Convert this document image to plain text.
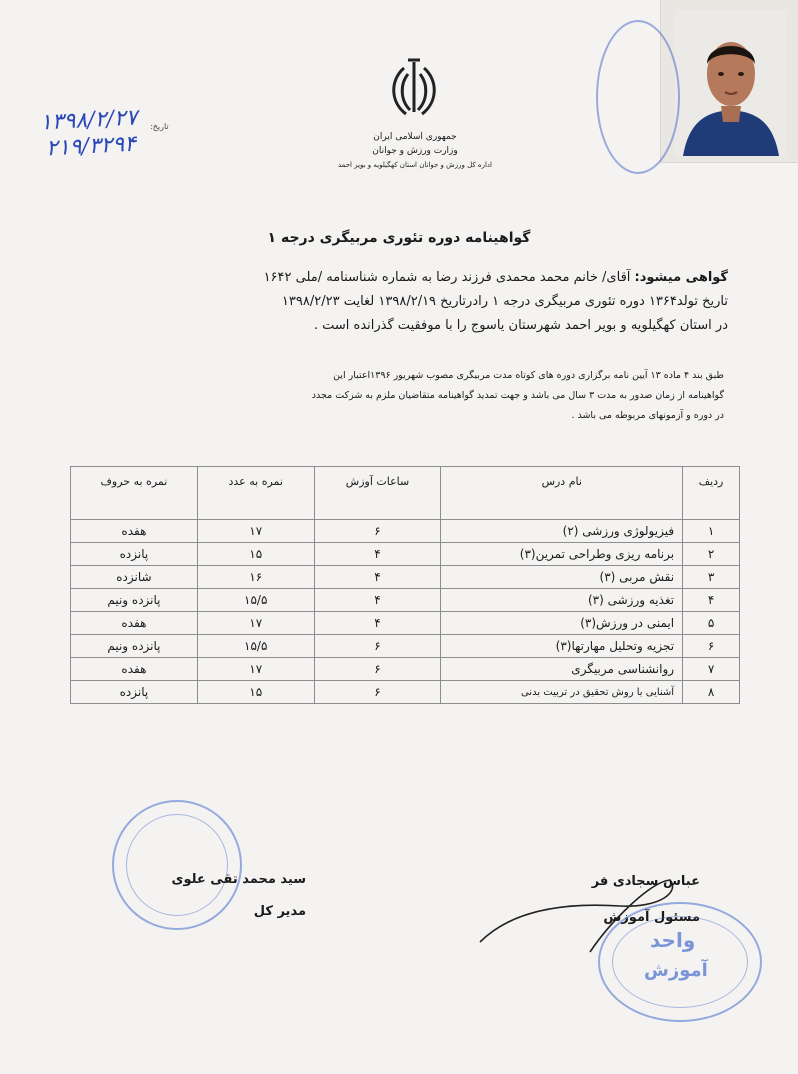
جمهوری اسلامی ایران
وزارت ورزش و جوانان
اداره کل ورزش و جوانان استان کهگیلویه و بویر احمد
۱۳۹۸/۲/۲۷
۲۱۹/۳۲۹۴
تاریخ:
گواهینامه دوره تئوری مربیگری درجه ۱
گواهی میشود: آقای/ خانم محمد محمدی فرزند رضا به شماره شناسنامه /ملی ۱۶۴۲
تاریخ تولد۱۳۶۴ دوره تئوری مربیگری درجه ۱ رادرتاریخ ۱۳۹۸/۲/۱۹ لغایت ۱۳۹۸/۲/۲۳
در استان کهگیلویه و بویر احمد شهرستان یاسوج را با موفقیت گذرانده است .
طبق بند ۴ ماده ۱۳ آیین نامه برگزاری دوره های کوتاه مدت مربیگری مصوب شهریور ۱۳۹۶اعتبار این
گواهینامه از زمان صدور به مدت ۳ سال می باشد و جهت تمدید گواهینامه متقاضیان ملزم به شرکت مجدد
در دوره و آزمونهای مربوطه می باشد .
ردیف	نام درس	ساعات آوزش	نمره به عدد	نمره به حروف
۱	فیزیولوژی ورزشی (۲)	۶	۱۷	هفده
۲	برنامه ریزی وطراحی تمرین(۳)	۴	۱۵	پانزده
۳	نقش مربی (۳)	۴	۱۶	شانزده
۴	تغذیه ورزشی (۳)	۴	۱۵/۵	پانزده ونیم
۵	ایمنی در ورزش(۳)	۴	۱۷	هفده
۶	تجزیه وتحلیل مهارتها(۳)	۶	۱۵/۵	پانزده ونیم
۷	روانشناسی مربیگری	۶	۱۷	هفده
۸	آشنایی با روش تحقیق در تربیت بدنی	۶	۱۵	پانزده
سید محمد تقی علوی
مدیر کل
عباس سجادی فر
مسئول آموزش
واحد
آموزش
